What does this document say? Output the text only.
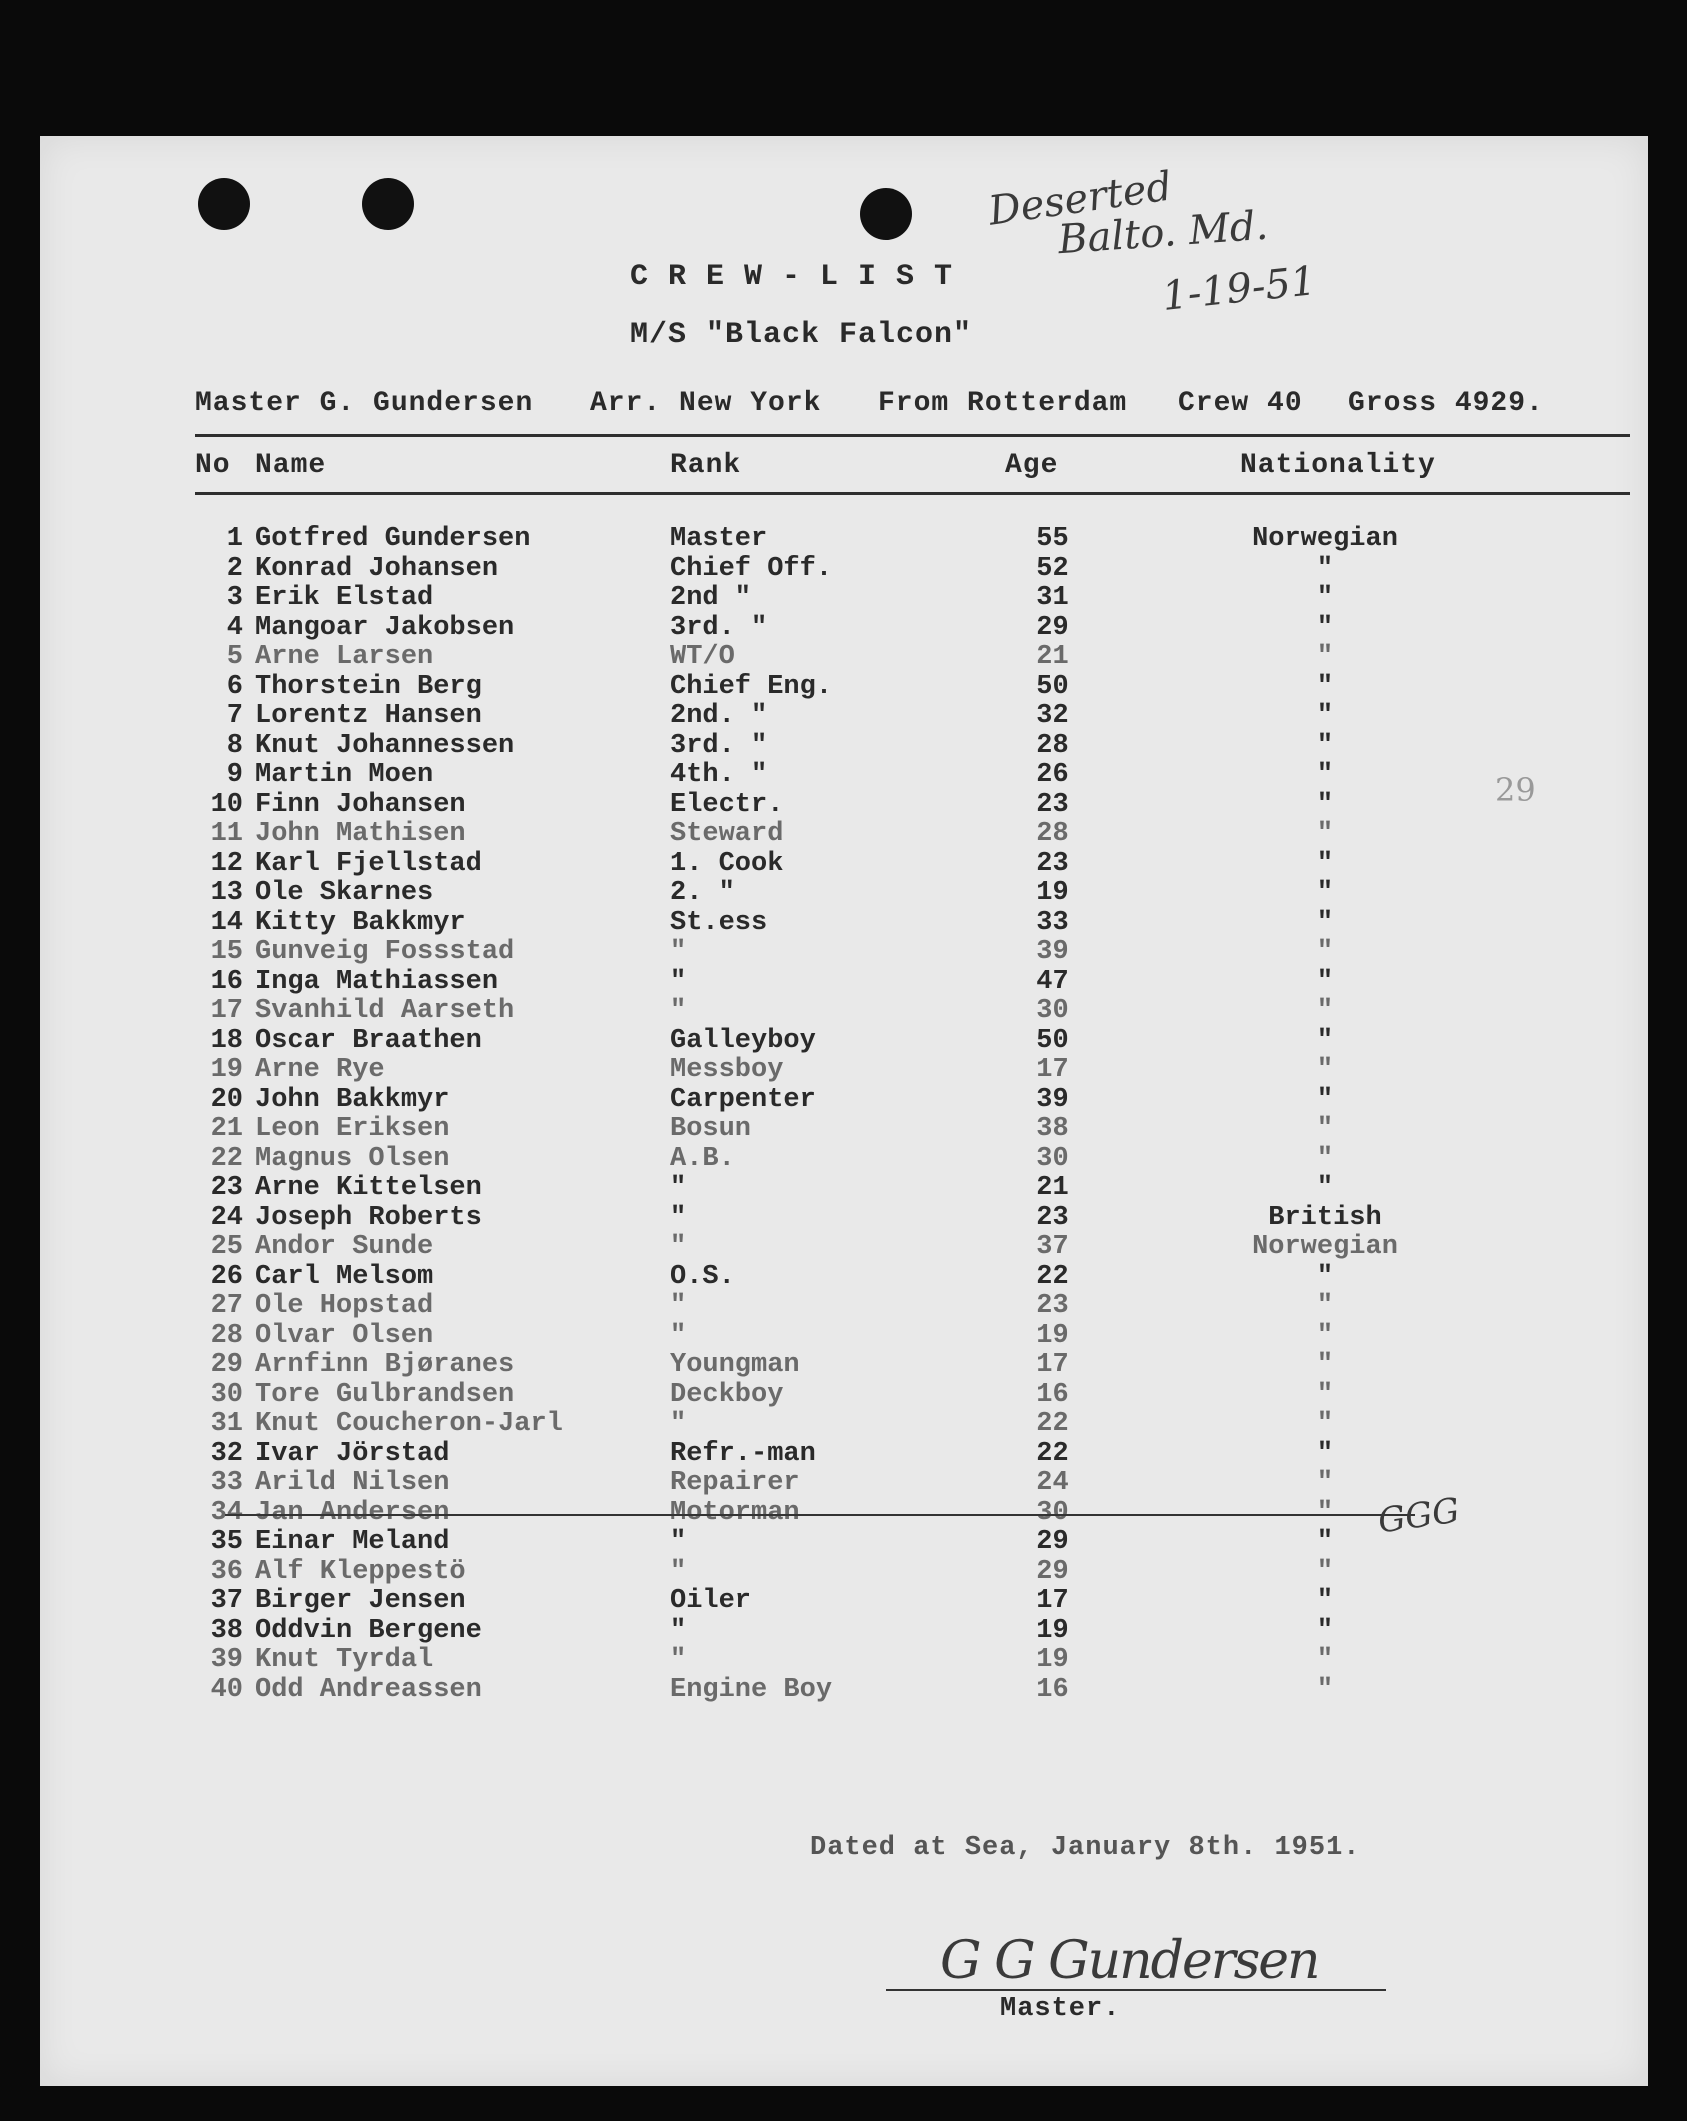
Deserted
Balto. Md.
1-19-51
29
CREW-LIST
M/S "Black Falcon"
Master G. Gundersen Arr. New York From Rotterdam Crew 40 Gross 4929.
No Name	Rank	Age	Nationality
1 Gotfred Gundersen	Master	55	Norwegian
2 Konrad Johansen	Chief Off.	52	"
3 Erik Elstad	2nd "	31	"
4 Mangoar Jakobsen	3rd. "	29	"
5 Arne Larsen	WT/O	21	"
6 Thorstein Berg	Chief Eng.	50	"
7 Lorentz Hansen	2nd. "	32	"
8 Knut Johannessen	3rd. "	28	"
9 Martin Moen	4th. "	26	"
10 Finn Johansen	Electr.	23	"
11 John Mathisen	Steward	28	"
12 Karl Fjellstad	1. Cook	23	"
13 Ole Skarnes	2. "	19	"
14 Kitty Bakkmyr	St.ess	33	"
15 Gunveig Fossstad	"	39	"
16 Inga Mathiassen	"	47	"
17 Svanhild Aarseth	"	30	"
18 Oscar Braathen	Galleyboy	50	"
19 Arne Rye	Messboy	17	"
20 John Bakkmyr	Carpenter	39	"
21 Leon Eriksen	Bosun	38	"
22 Magnus Olsen	A.B.	30	"
23 Arne Kittelsen	"	21	"
24 Joseph Roberts	"	23	British
25 Andor Sunde	"	37	Norwegian
26 Carl Melsom	O.S.	22	"
27 Ole Hopstad	"	23	"
28 Olvar Olsen	"	19	"
29 Arnfinn Bjøranes	Youngman	17	"
30 Tore Gulbrandsen	Deckboy	16	"
31 Knut Coucheron-Jarl	"	22	"
32 Ivar Jörstad	Refr.-man	22	"
33 Arild Nilsen	Repairer	24	"
34 Jan Andersen	Motorman	30	"
35 Einar Meland	"	29	"
36 Alf Kleppestö	"	29	"
37 Birger Jensen	Oiler	17	"
38 Oddvin Bergene	"	19	"
39 Knut Tyrdal	"	19	"
40 Odd Andreassen	Engine Boy	16	"
GGG
Dated at Sea, January 8th. 1951.
G G Gundersen
Master.
